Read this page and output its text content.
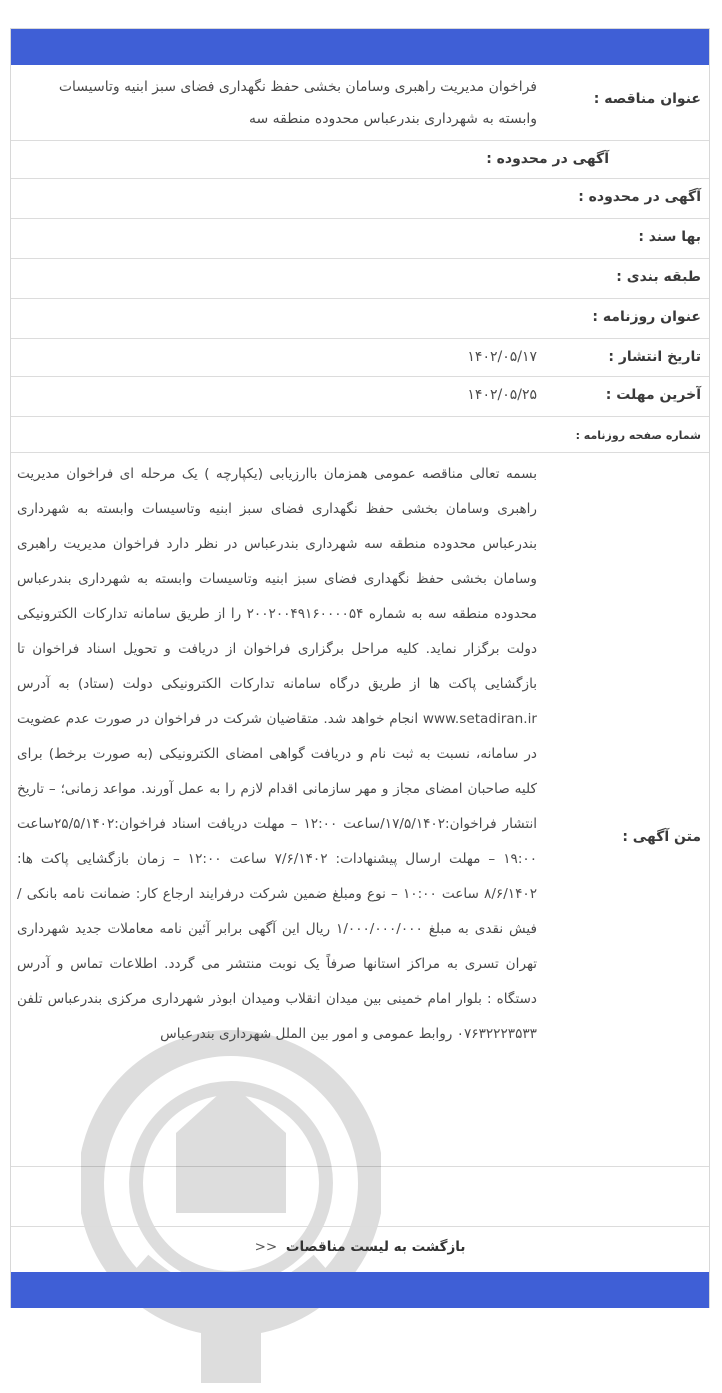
عنوان مناقصه :
فراخوان مدیریت راهبری وسامان بخشی حفظ نگهداری فضای سبز ابنیه وتاسیسات وابسته به شهرداری بندرعباس محدوده منطقه سه
آگهی در محدوده :
آگهی در محدوده :
بها سند :
طبقه بندی :
عنوان روزنامه :
تاریخ انتشار :
۱۴۰۲/۰۵/۱۷
آخرین مهلت :
۱۴۰۲/۰۵/۲۵
شماره صفحه روزنامه :
متن آگهی :
بسمه تعالی مناقصه عمومی همزمان باارزیابی (یکپارچه ) یک مرحله ای فراخوان مدیریت راهبری وسامان بخشی حفظ نگهداری فضای سبز ابنیه وتاسیسات وابسته به شهرداری بندرعباس محدوده منطقه سه شهرداری بندرعباس در نظر دارد فراخوان مدیریت راهبری وسامان بخشی حفظ نگهداری فضای سبز ابنیه وتاسیسات وابسته به شهرداری بندرعباس محدوده منطقه سه به شماره ۲۰۰۲۰۰۴۹۱۶۰۰۰۰۵۴ را از طریق سامانه تدارکات الکترونیکی دولت برگزار نماید. کلیه مراحل برگزاری فراخوان از دریافت و تحویل اسناد فراخوان تا بازگشایی پاکت ها از طریق درگاه سامانه تدارکات الکترونیکی دولت (ستاد) به آدرس www.setadiran.ir انجام خواهد شد. متقاضیان شرکت در فراخوان در صورت عدم عضویت در سامانه، نسبت به ثبت نام و دریافت گواهی امضای الکترونیکی (به صورت برخط) برای کلیه صاحبان امضای مجاز و مهر سازمانی اقدام لازم را به عمل آورند. مواعد زمانی؛ – تاریخ انتشار فراخوان:۱۷/۵/۱۴۰۲/ساعت ۱۲:۰۰ – مهلت دریافت اسناد فراخوان:۲۵/۵/۱۴۰۲ساعت ۱۹:۰۰ – مهلت ارسال پیشنهادات: ۷/۶/۱۴۰۲ ساعت ۱۲:۰۰ – زمان بازگشایی پاکت ها: ۸/۶/۱۴۰۲ ساعت ۱۰:۰۰ – نوع ومبلغ ضمین شرکت درفرایند ارجاع کار: ضمانت نامه بانکی /فیش نقدی به مبلغ ۱/۰۰۰/۰۰۰/۰۰۰ ریال این آگهی برابر آئین نامه معاملات جدید شهرداری تهران تسری به مراکز استانها صرفاً یک نوبت منتشر می گردد. اطلاعات تماس و آدرس دستگاه : بلوار امام خمینی بین میدان انقلاب ومیدان ابوذر شهرداری مرکزی بندرعباس تلفن ۰۷۶۳۲۲۲۳۵۳۳ روابط عمومی و امور بین الملل شهرداری بندرعباس
بازگشت به لیست مناقصات <<
